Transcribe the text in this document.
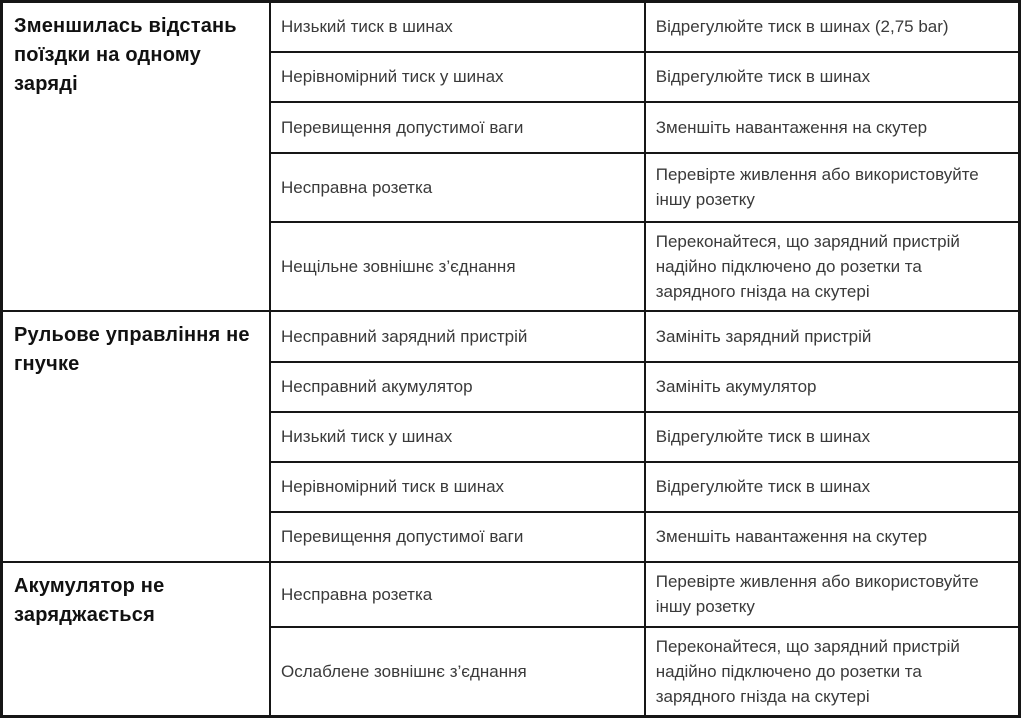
Зменшилась відстань поїздки на одному заряді	Низький тиск в шинах	Відрегулюйте тиск в шинах (2,75 bar)
	Нерівномірний тиск у шинах	Відрегулюйте тиск в шинах
	Перевищення допустимої ваги	Зменшіть навантаження на скутер
	Несправна розетка	Перевірте живлення або використовуйте іншу розетку
	Нещільне зовнішнє з’єднання	Переконайтеся, що зарядний пристрій надійно підключено до розетки та зарядного гнізда на скутері
Рульове управління не гнучке	Несправний зарядний пристрій	Замініть зарядний пристрій
	Несправний акумулятор	Замініть акумулятор
	Низький тиск у шинах	Відрегулюйте тиск в шинах
	Нерівномірний тиск в шинах	Відрегулюйте тиск в шинах
	Перевищення допустимої ваги	Зменшіть навантаження на скутер
Акумулятор не заряджається	Несправна розетка	Перевірте живлення або використовуйте іншу розетку
	Ослаблене зовнішнє з’єднання	Переконайтеся, що зарядний пристрій надійно підключено до розетки та зарядного гнізда на скутері
